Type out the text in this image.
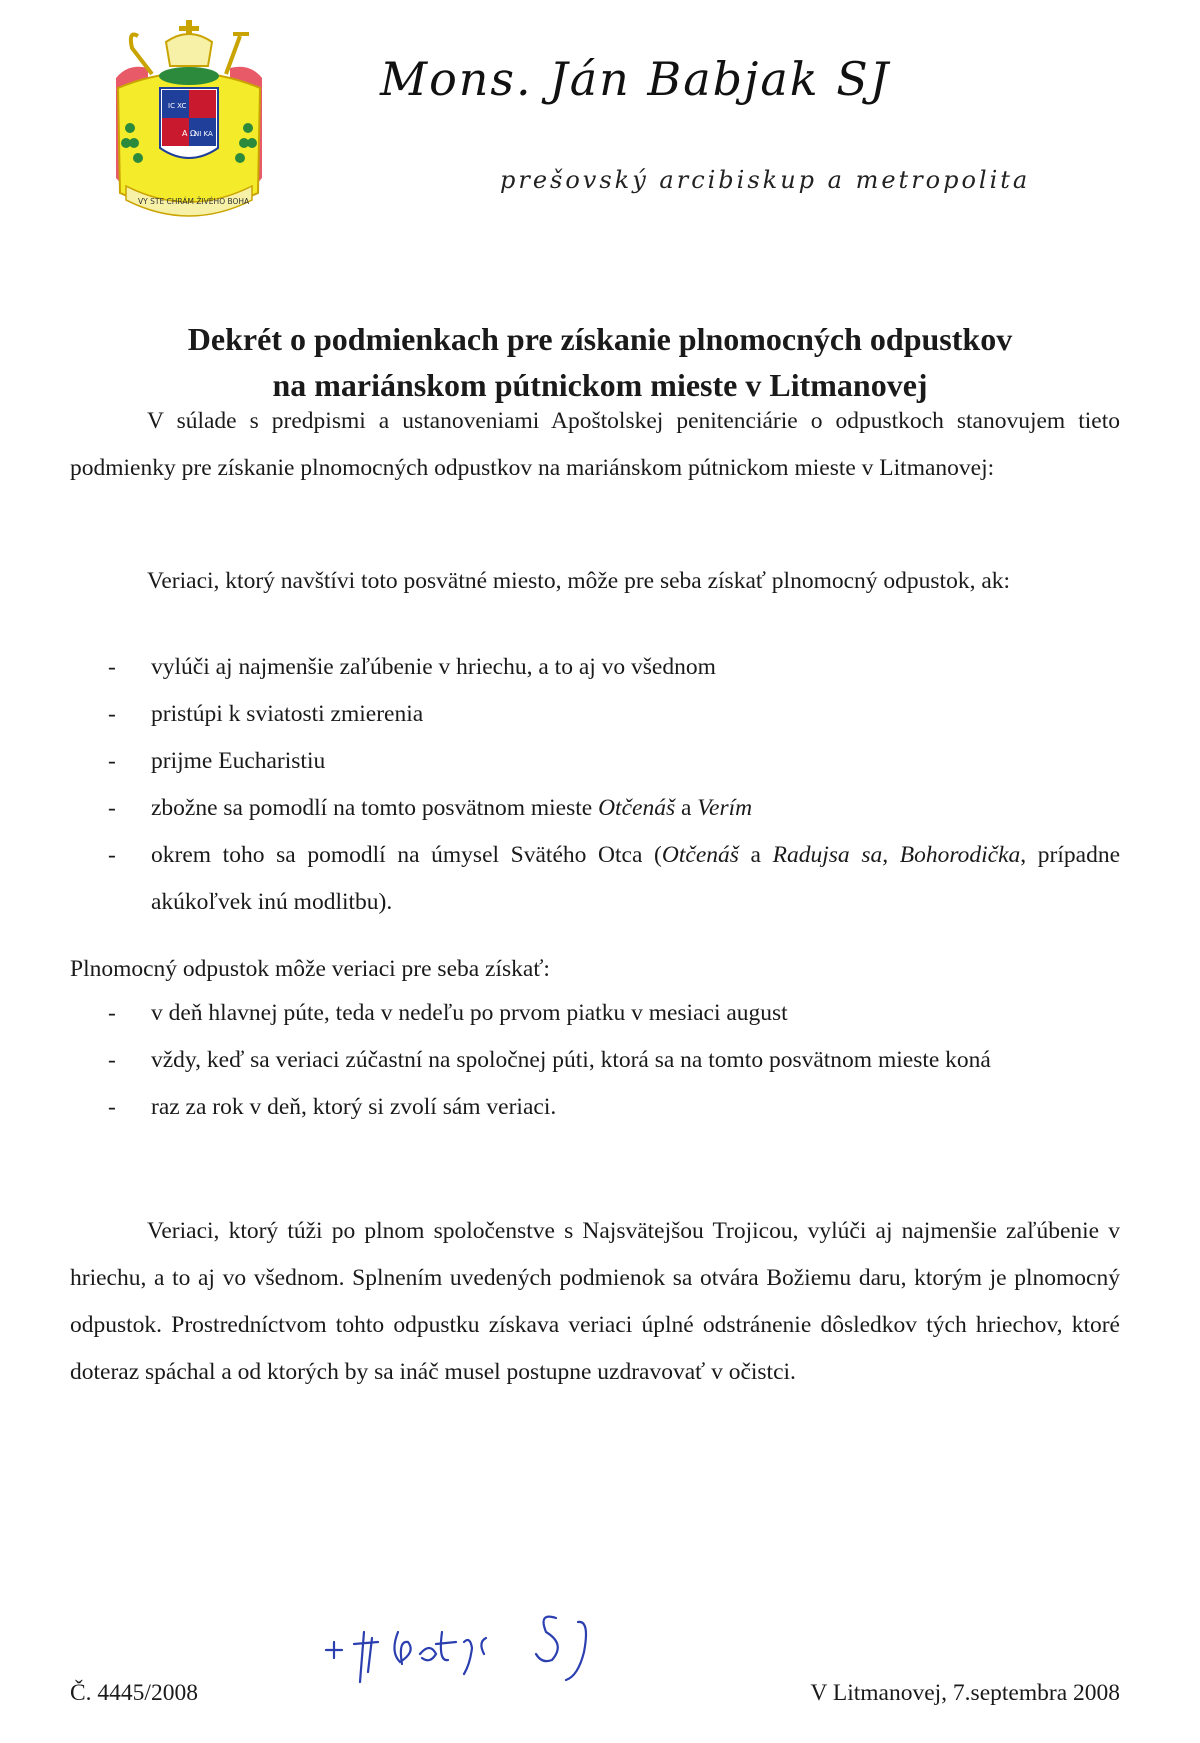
IC XC
A Ω
NI KA
VY STE CHRÁM ŽIVÉHO BOHA
Mons. Ján Babjak SJ
prešovský arcibiskup a metropolita
Dekrét o podmienkach pre získanie plnomocných odpustkov
na mariánskom pútnickom mieste v Litmanovej
V súlade s predpismi a ustanoveniami Apoštolskej penitenciárie o odpustkoch stanovujem tieto podmienky pre získanie plnomocných odpustkov na mariánskom pútnickom mieste v Litmanovej:
Veriaci, ktorý navštívi toto posvätné miesto, môže pre seba získať plnomocný odpustok, ak:
- vylúči aj najmenšie zaľúbenie v hriechu, a to aj vo všednom
- pristúpi k sviatosti zmierenia
- prijme Eucharistiu
- zbožne sa pomodlí na tomto posvätnom mieste Otčenáš a Verím
- okrem toho sa pomodlí na úmysel Svätého Otca (Otčenáš a Radujsa sa, Bohorodička, prípadne akúkoľvek inú modlitbu).
Plnomocný odpustok môže veriaci pre seba získať:
- v deň hlavnej púte, teda v nedeľu po prvom piatku v mesiaci august
- vždy, keď sa veriaci zúčastní na spoločnej púti, ktorá sa na tomto posvätnom mieste koná
- raz za rok v deň, ktorý si zvolí sám veriaci.
Veriaci, ktorý túži po plnom spoločenstve s Najsvätejšou Trojicou, vylúči aj najmenšie zaľúbenie v hriechu, a to aj vo všednom. Splnením uvedených podmienok sa otvára Božiemu daru, ktorým je plnomocný odpustok. Prostredníctvom tohto odpustku získava veriaci úplné odstránenie dôsledkov tých hriechov, ktoré doteraz spáchal a od ktorých by sa ináč musel postupne uzdravovať v očistci.
Č. 4445/2008	V Litmanovej, 7.septembra 2008
